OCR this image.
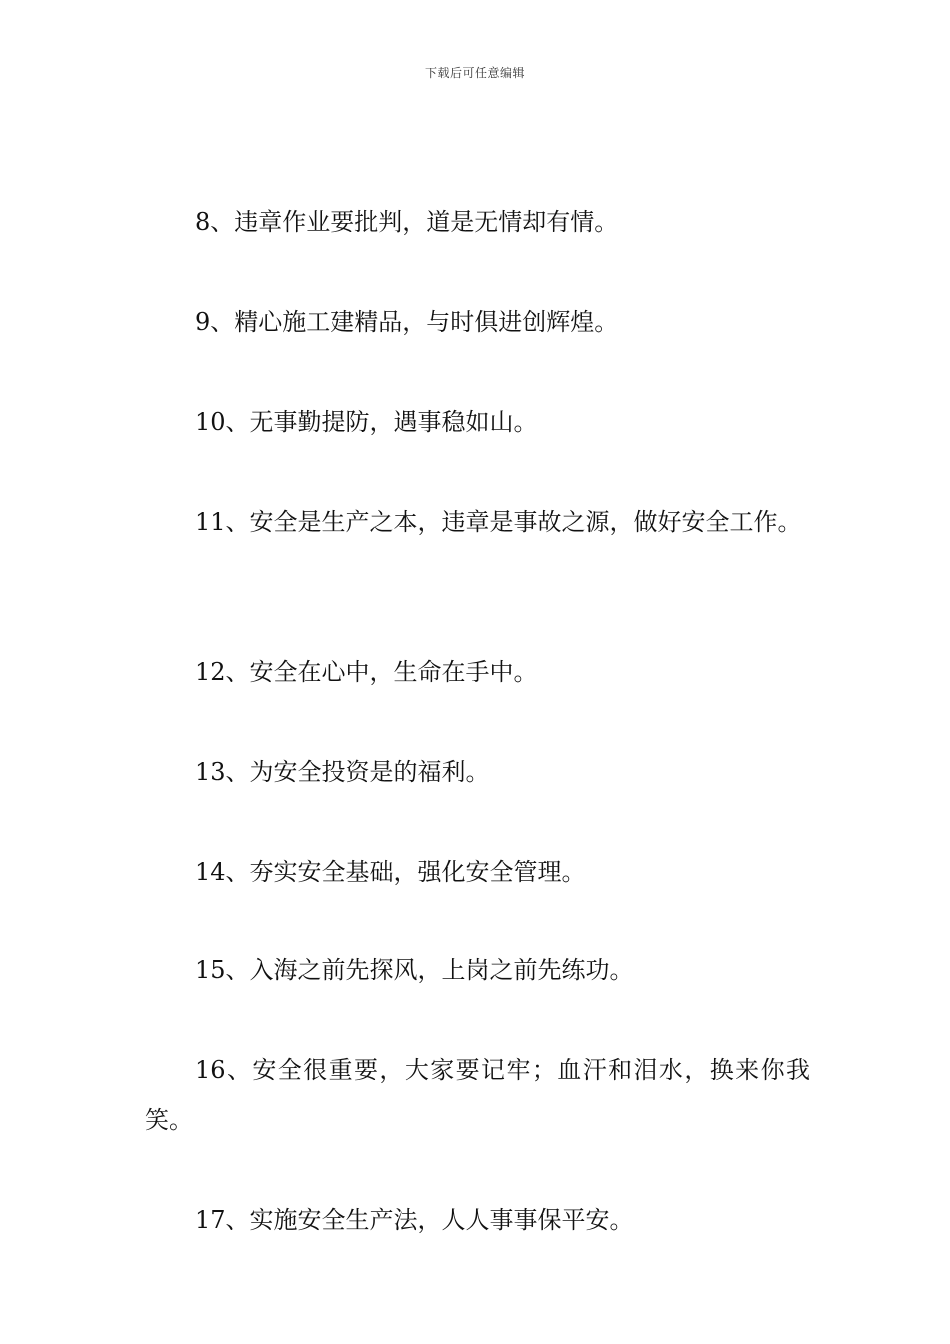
下载后可任意编辑

8、违章作业要批判，道是无情却有情。

9、精心施工建精品，与时俱进创辉煌。

10、无事勤提防，遇事稳如山。

11、安全是生产之本，违章是事故之源，做好安全工作。

12、安全在心中，生命在手中。

13、为安全投资是的福利。

14、夯实安全基础，强化安全管理。

15、入海之前先探风，上岗之前先练功。

16、安全很重要，大家要记牢；血汗和泪水，换来你我笑。

17、实施安全生产法，人人事事保平安。
